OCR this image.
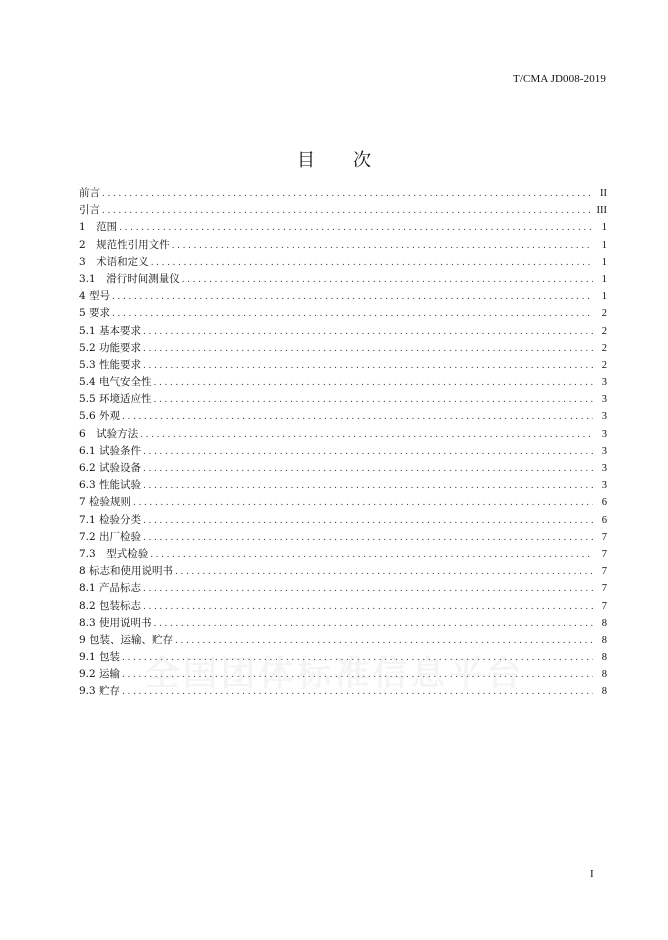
T/CMA JD008-2019
目 次
前言 .....	II
引言 .....	III
1　范围 .....	1
2　规范性引用文件 .....	1
3　术语和定义 .....	1
3.1　滑行时间测量仪 .....	1
4 型号 .....	1
5 要求 .....	2
5.1 基本要求 .....	2
5.2 功能要求 .....	2
5.3 性能要求 .....	2
5.4 电气安全性 .....	3
5.5 环境适应性 .....	3
5.6 外观 .....	3
6　试验方法 .....	3
6.1 试验条件 .....	3
6.2 试验设备 .....	3
6.3 性能试验 .....	3
7 检验规则 .....	6
7.1 检验分类 .....	6
7.2 出厂检验 .....	7
7.3　型式检验 .....	7
8 标志和使用说明书 .....	7
8.1 产品标志 .....	7
8.2 包装标志 .....	7
8.3 使用说明书 .....	8
9 包装、运输、贮存 .....	8
9.1 包装 .....	8
9.2 运输 .....	8
9.3 贮存 .....	8
全国团体标准信息平台
I
